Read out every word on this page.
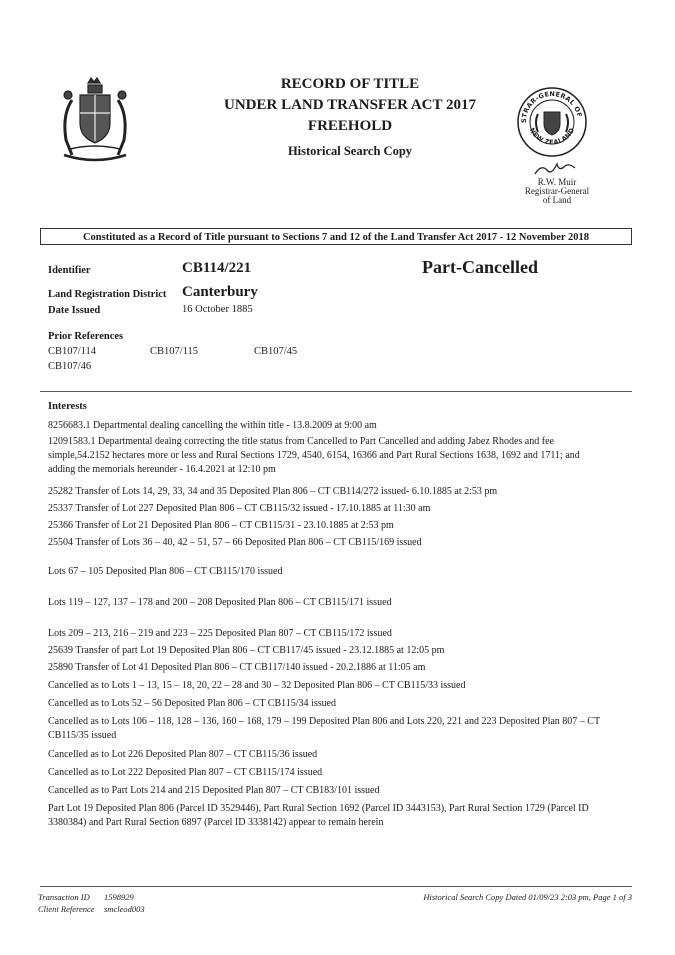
RECORD OF TITLE
UNDER LAND TRANSFER ACT 2017
FREEHOLD
Historical Search Copy
REGISTRAR-GENERAL OF LAND
NEW ZEALAND
R.W. Muir
Registrar-General
of Land
Constituted as a Record of Title pursuant to Sections 7 and 12 of the Land Transfer Act 2017 - 12 November 2018
Identifier	CB114/221	Part-Cancelled
Land Registration District Canterbury
Date Issued	16 October 1885
Prior References
CB107/114	CB107/115	CB107/45
CB107/46
Interests
8256683.1 Departmental dealing cancelling the within title - 13.8.2009 at 9:00 am
12091583.1 Departmental deaing correcting the title status from Cancelled to Part Cancelled and adding Jabez Rhodes and fee simple,54.2152 hectares more or less and Rural Sections 1729, 4540, 6154, 16366 and Part Rural Sections 1638, 1692 and 1711; and adding the memorials hereunder - 16.4.2021 at 12:10 pm
25282 Transfer of Lots 14, 29, 33, 34 and 35 Deposited Plan 806 – CT CB114/272 issued- 6.10.1885 at 2:53 pm
25337 Transfer of Lot 227 Deposited Plan 806 – CT CB115/32 issued - 17.10.1885 at 11:30 am
25366 Transfer of Lot 21 Deposited Plan 806 – CT CB115/31 - 23.10.1885 at 2:53 pm
25504 Transfer of Lots 36 – 40, 42 – 51, 57 – 66 Deposited Plan 806 – CT CB115/169 issued
Lots 67 – 105 Deposited Plan 806 – CT CB115/170 issued
Lots 119 – 127, 137 – 178 and 200 – 208 Deposited Plan 806 – CT CB115/171 issued
Lots 209 – 213, 216 – 219 and 223 – 225 Deposited Plan 807 – CT CB115/172 issued
25639 Transfer of part Lot 19 Deposited Plan 806 – CT CB117/45 issued - 23.12.1885 at 12:05 pm
25890 Transfer of Lot 41 Deposited Plan 806 – CT CB117/140 issued - 20.2.1886 at 11:05 am
Cancelled as to Lots 1 – 13, 15 – 18, 20, 22 – 28 and 30 – 32 Deposited Plan 806 – CT CB115/33 issued
Cancelled as to Lots 52 – 56 Deposited Plan 806 – CT CB115/34 issued
Cancelled as to Lots 106 – 118, 128 – 136, 160 – 168, 179 – 199 Deposited Plan 806 and Lots 220, 221 and 223 Deposited Plan 807 – CT CB115/35 issued
Cancelled as to Lot 226 Deposited Plan 807 – CT CB115/36 issued
Cancelled as to Lot 222 Deposited Plan 807 – CT CB115/174 issued
Cancelled as to Part Lots 214 and 215 Deposited Plan 807 – CT CB183/101 issued
Part Lot 19 Deposited Plan 806 (Parcel ID 3529446), Part Rural Section 1692 (Parcel ID 3443153), Part Rural Section 1729 (Parcel ID 3380384) and Part Rural Section 6897 (Parcel ID 3338142) appear to remain herein
Transaction ID 1598929
Client Reference smcleod003
Historical Search Copy Dated 01/09/23 2:03 pm, Page 1 of 3
